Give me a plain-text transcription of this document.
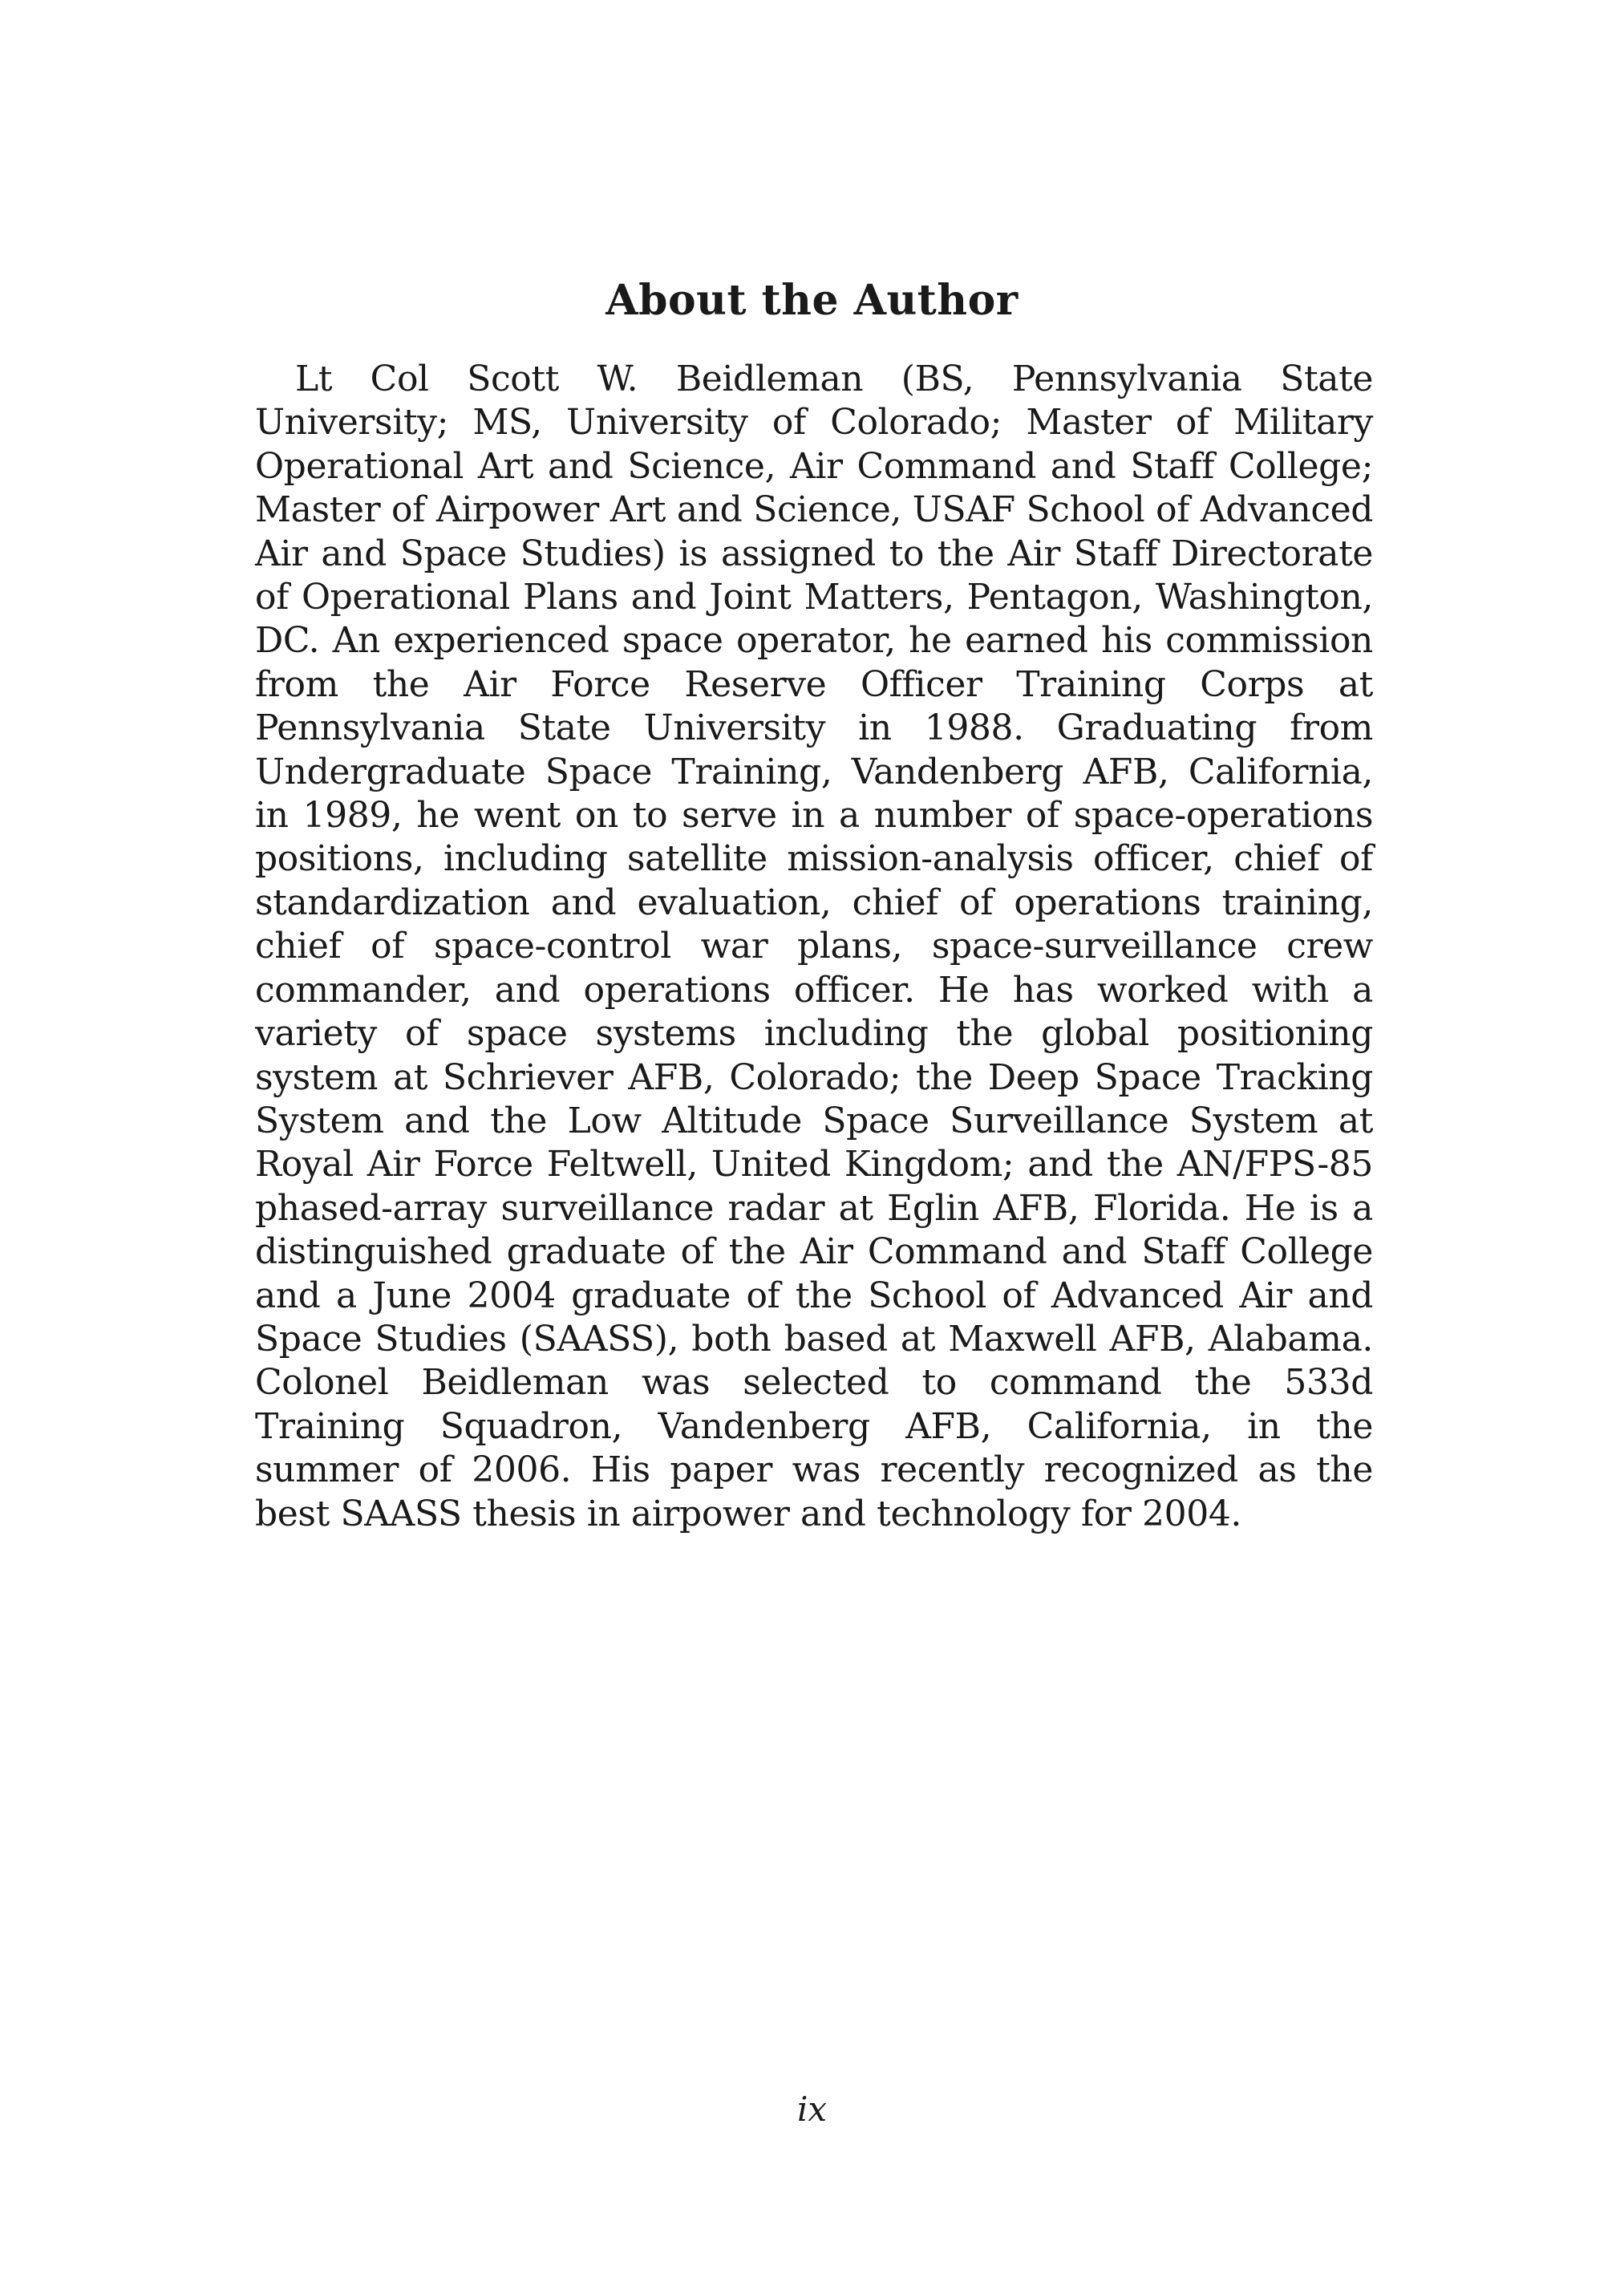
About the Author

Lt Col Scott W. Beidleman (BS, Pennsylvania State University; MS, University of Colorado; Master of Military Operational Art and Science, Air Command and Staff College; Master of Airpower Art and Science, USAF School of Advanced Air and Space Studies) is assigned to the Air Staff Directorate of Operational Plans and Joint Matters, Pentagon, Washington, DC. An experienced space operator, he earned his commission from the Air Force Reserve Officer Training Corps at Pennsylvania State University in 1988. Graduating from Undergraduate Space Training, Vandenberg AFB, California, in 1989, he went on to serve in a number of space-operations positions, including satellite mission-analysis officer, chief of standardization and evaluation, chief of operations training, chief of space-control war plans, space-surveillance crew commander, and operations officer. He has worked with a variety of space systems including the global positioning system at Schriever AFB, Colorado; the Deep Space Tracking System and the Low Altitude Space Surveillance System at Royal Air Force Feltwell, United Kingdom; and the AN/FPS-85 phased-array surveillance radar at Eglin AFB, Florida. He is a distinguished graduate of the Air Command and Staff College and a June 2004 graduate of the School of Advanced Air and Space Studies (SAASS), both based at Maxwell AFB, Alabama. Colonel Beidleman was selected to command the 533d Training Squadron, Vandenberg AFB, California, in the summer of 2006. His paper was recently recognized as the best SAASS thesis in airpower and technology for 2004.

ix
